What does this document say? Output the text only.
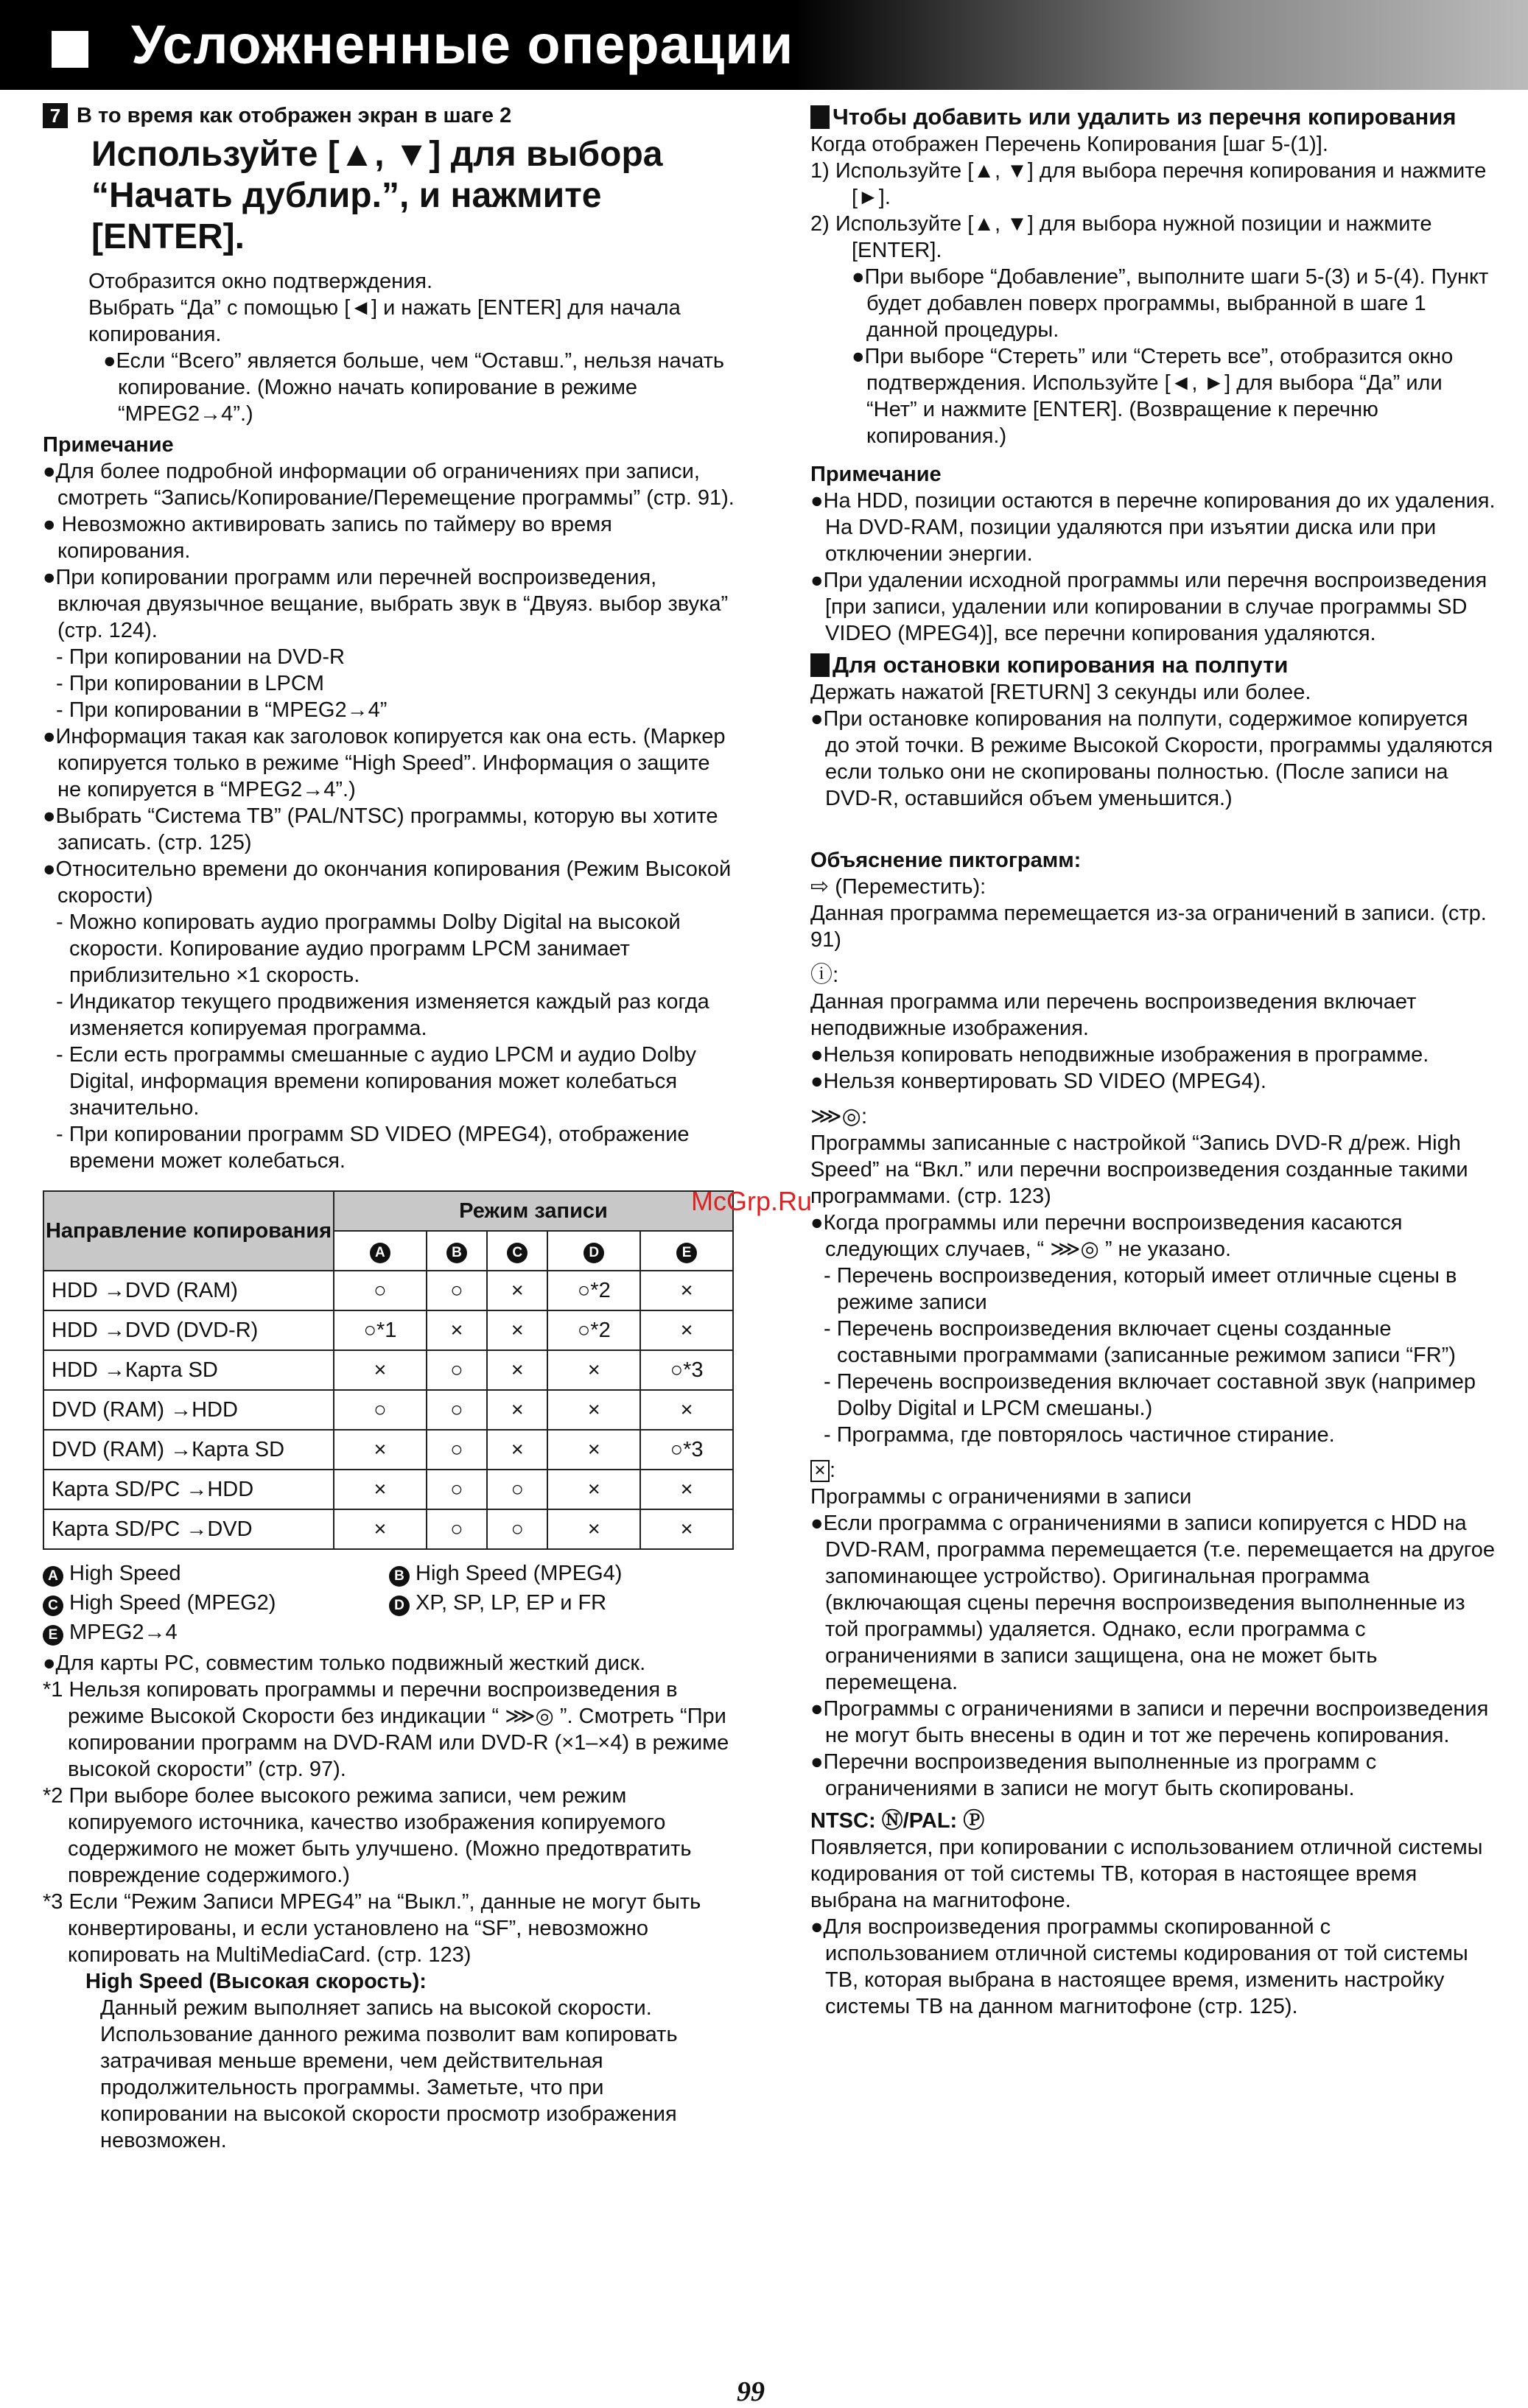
Усложненные операции
7 В то время как отображен экран в шаге 2
Используйте [▲, ▼] для выбора “Начать дублир.”, и нажмите [ENTER].

Отобразится окно подтверждения.

Выбрать “Да” с помощью [◄] и нажать [ENTER] для начала копирования.

●Если “Всего” является больше, чем “Оставш.”, нельзя начать копирование. (Можно начать копирование в режиме “MPEG2→4”.)

Примечание

●Для более подробной информации об ограничениях при записи, смотреть “Запись/Копирование/Перемещение программы” (стр. 91).

● Невозможно активировать запись по таймеру во время копирования.

●При копировании программ или перечней воспроизведения, включая двуязычное вещание, выбрать звук в “Двуяз. выбор звука” (стр. 124).

- При копировании на DVD-R

- При копировании в LPCM

- При копировании в “MPEG2→4”

●Информация такая как заголовок копируется как она есть. (Маркер копируется только в режиме “High Speed”. Информация о защите не копируется в “MPEG2→4”.)

●Выбрать “Система ТВ” (PAL/NTSC) программы, которую вы хотите записать. (стр. 125)

●Относительно времени до окончания копирования (Режим Высокой скорости)

- Можно копировать аудио программы Dolby Digital на высокой скорости. Копирование аудио программ LPCM занимает приблизительно ×1 скорость.

- Индикатор текущего продвижения изменяется каждый раз когда изменяется копируемая программа.

- Если есть программы смешанные с аудио LPCM и аудио Dolby Digital, информация времени копирования может колебаться значительно.

- При копировании программ SD VIDEO (MPEG4), отображение времени может колебаться.

Направление копирования	Режим записи				
	A	B	C	D	E
HDD →DVD (RAM)	○	○	×	○*2	×
HDD →DVD (DVD-R)	○*1	×	×	○*2	×
HDD →Карта SD	×	○	×	×	○*3
DVD (RAM) →HDD	○	○	×	×	×
DVD (RAM) →Карта SD	×	○	×	×	○*3
Карта SD/PC →HDD	×	○	○	×	×
Карта SD/PC →DVD	×	○	○	×	×
A High Speed	B High Speed (MPEG4)
C High Speed (MPEG2)	D XP, SP, LP, EP и FR
E MPEG2→4

●Для карты PC, совместим только подвижный жесткий диск.

*1 Нельзя копировать программы и перечни воспроизведения в режиме Высокой Скорости без индикации “ ⋙◎ ”. Смотреть “При копировании программ на DVD-RAM или DVD-R (×1–×4) в режиме высокой скорости” (стр. 97).

*2 При выборе более высокого режима записи, чем режим копируемого источника, качество изображения копируемого содержимого не может быть улучшено. (Можно предотвратить повреждение содержимого.)

*3 Если “Режим Записи MPEG4” на “Выкл.”, данные не могут быть конвертированы, и если установлено на “SF”, невозможно копировать на MultiMediaCard. (стр. 123)

High Speed (Высокая скорость):
Данный режим выполняет запись на высокой скорости. Использование данного режима позволит вам копировать затрачивая меньше времени, чем действительная продолжительность программы. Заметьте, что при копировании на высокой скорости просмотр изображения невозможен.
Чтобы добавить или удалить из перечня копирования

Когда отображен Перечень Копирования [шаг 5-(1)].

1) Используйте [▲, ▼] для выбора перечня копирования и нажмите [►].

2) Используйте [▲, ▼] для выбора нужной позиции и нажмите [ENTER].

●При выборе “Добавление”, выполните шаги 5-(3) и 5-(4). Пункт будет добавлен поверх программы, выбранной в шаге 1 данной процедуры.

●При выборе “Стереть” или “Стереть все”, отобразится окно подтверждения. Используйте [◄, ►] для выбора “Да” или “Нет” и нажмите [ENTER]. (Возвращение к перечню копирования.)

Примечание

●На HDD, позиции остаются в перечне копирования до их удаления. На DVD-RAM, позиции удаляются при изъятии диска или при отключении энергии.

●При удалении исходной программы или перечня воспроизведения [при записи, удалении или копировании в случае программы SD VIDEO (MPEG4)], все перечни копирования удаляются.

Для остановки копирования на полпути

Держать нажатой [RETURN] 3 секунды или более.

●При остановке копирования на полпути, содержимое копируется до этой точки. В режиме Высокой Скорости, программы удаляются если только они не скопированы полностью. (После записи на DVD-R, оставшийся объем уменьшится.)

Объяснение пиктограмм:
⇨ (Переместить):
Данная программа перемещается из-за ограничений в записи. (стр. 91)
ⓘ:
Данная программа или перечень воспроизведения включает неподвижные изображения.

●Нельзя копировать неподвижные изображения в программе.

●Нельзя конвертировать SD VIDEO (MPEG4).

⋙◎:
Программы записанные с настройкой “Запись DVD-R д/реж. High Speed” на “Вкл.” или перечни воспроизведения созданные такими программами. (стр. 123)

●Когда программы или перечни воспроизведения касаются следующих случаев, “ ⋙◎ ” не указано.

- Перечень воспроизведения, который имеет отличные сцены в режиме записи

- Перечень воспроизведения включает сцены созданные составными программами (записанные режимом записи “FR”)

- Перечень воспроизведения включает составной звук (например Dolby Digital и LPCM смешаны.)

- Программа, где повторялось частичное стирание.

✕ :
Программы с ограничениями в записи

●Если программа с ограничениями в записи копируется с HDD на DVD-RAM, программа перемещается (т.е. перемещается на другое запоминающее устройство). Оригинальная программа (включающая сцены перечня воспроизведения выполненные из той программы) удаляется. Однако, если программа с ограничениями в записи защищена, она не может быть перемещена.

●Программы с ограничениями в записи и перечни воспроизведения не могут быть внесены в один и тот же перечень копирования.

●Перечни воспроизведения выполненные из программ с ограничениями в записи не могут быть скопированы.

NTSC: Ⓝ/PAL: Ⓟ
Появляется, при копировании с использованием отличной системы кодирования от той системы ТВ, которая в настоящее время выбрана на магнитофоне.

●Для воспроизведения программы скопированной с использованием отличной системы кодирования от той системы ТВ, которая выбрана в настоящее время, изменить настройку системы ТВ на данном магнитофоне (стр. 125).

McGrp.Ru
99
